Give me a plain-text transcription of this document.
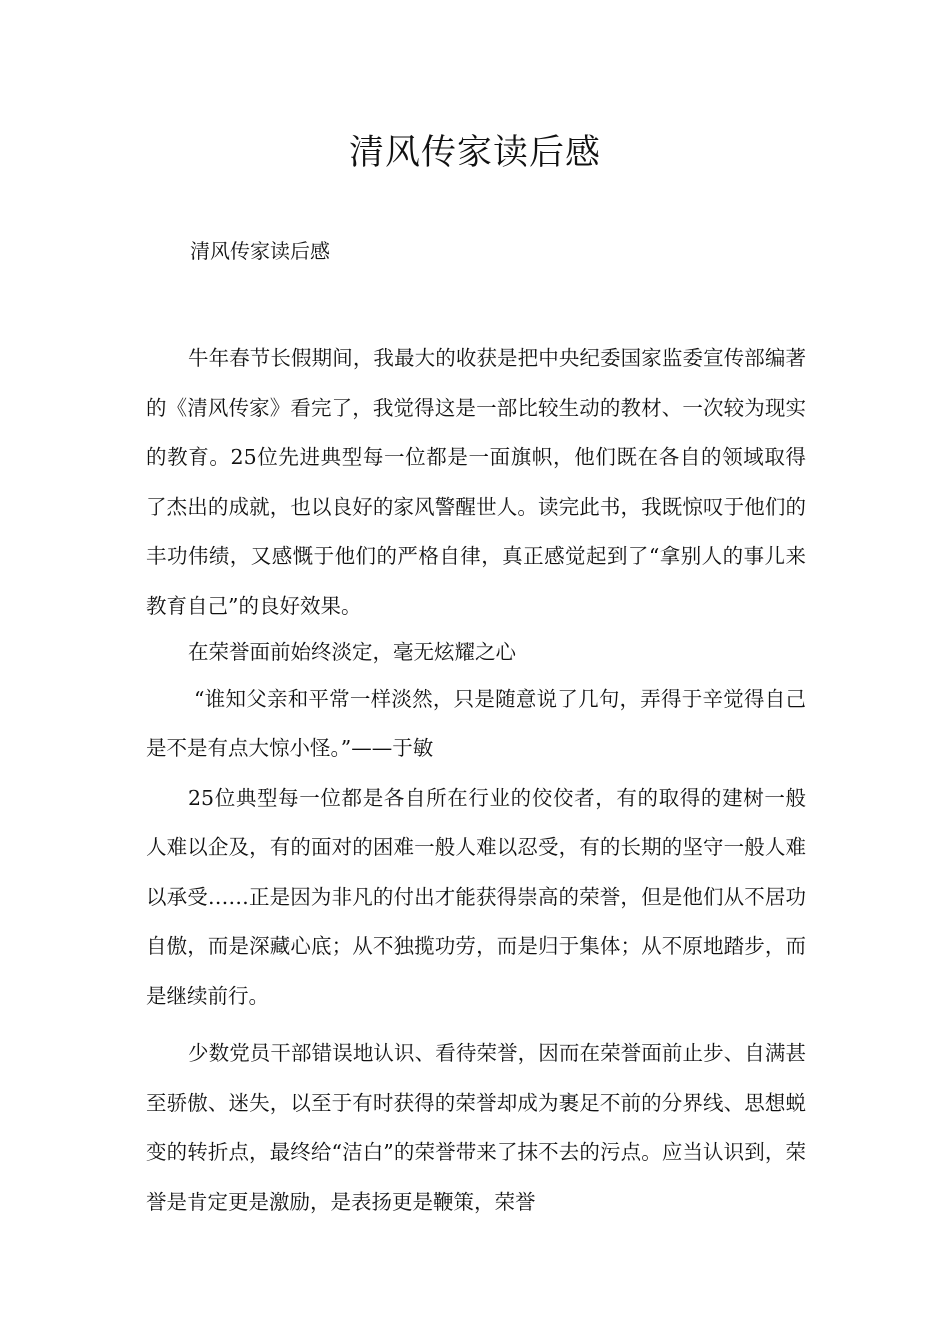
清风传家读后感
清风传家读后感

牛年春节长假期间，我最大的收获是把中央纪委国家监委宣传部编著的《清风传家》看完了，我觉得这是一部比较生动的教材、一次较为现实的教育。25位先进典型每一位都是一面旗帜，他们既在各自的领域取得了杰出的成就，也以良好的家风警醒世人。读完此书，我既惊叹于他们的丰功伟绩，又感慨于他们的严格自律，真正感觉起到了“拿别人的事儿来教育自己”的良好效果。

在荣誉面前始终淡定，毫无炫耀之心

“谁知父亲和平常一样淡然，只是随意说了几句，弄得于辛觉得自己是不是有点大惊小怪。”——于敏

25位典型每一位都是各自所在行业的佼佼者，有的取得的建树一般人难以企及，有的面对的困难一般人难以忍受，有的长期的坚守一般人难以承受……正是因为非凡的付出才能获得崇高的荣誉，但是他们从不居功自傲，而是深藏心底；从不独揽功劳，而是归于集体；从不原地踏步，而是继续前行。

少数党员干部错误地认识、看待荣誉，因而在荣誉面前止步、自满甚至骄傲、迷失，以至于有时获得的荣誉却成为裹足不前的分界线、思想蜕变的转折点，最终给“洁白”的荣誉带来了抹不去的污点。应当认识到，荣誉是肯定更是激励，是表扬更是鞭策，荣誉
